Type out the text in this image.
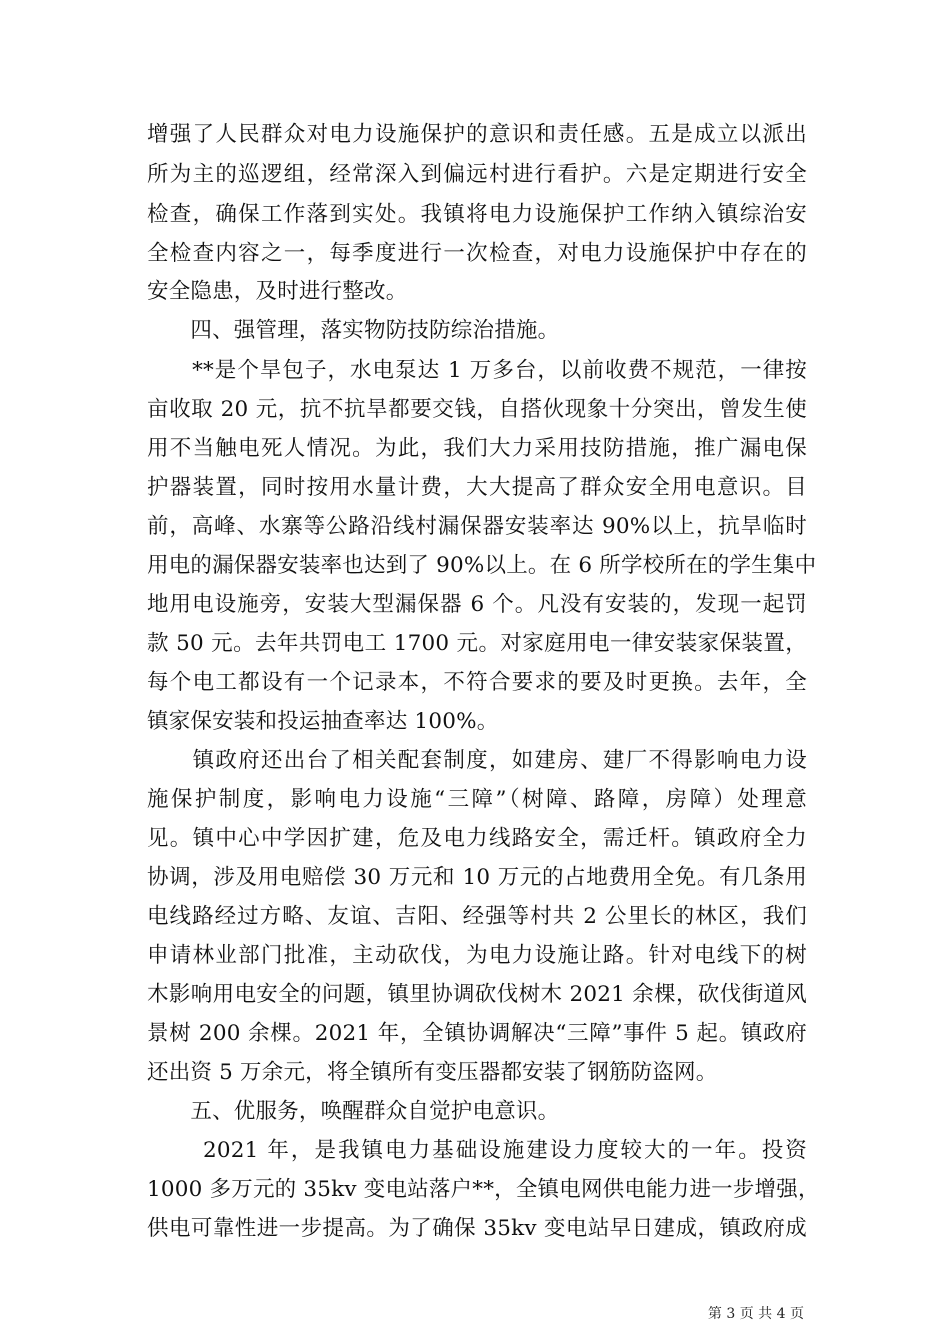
增强了人民群众对电力设施保护的意识和责任感。五是成立以派出
所为主的巡逻组，经常深入到偏远村进行看护。六是定期进行安全
检查，确保工作落到实处。我镇将电力设施保护工作纳入镇综治安
全检查内容之一，每季度进行一次检查，对电力设施保护中存在的
安全隐患，及时进行整改。
　　四、强管理，落实物防技防综治措施。
　　**是个旱包子，水电泵达 1 万多台，以前收费不规范，一律按
亩收取 20 元，抗不抗旱都要交钱，自搭伙现象十分突出，曾发生使
用不当触电死人情况。为此，我们大力采用技防措施，推广漏电保
护器装置，同时按用水量计费，大大提高了群众安全用电意识。目
前，高峰、水寨等公路沿线村漏保器安装率达 90%以上，抗旱临时
用电的漏保器安装率也达到了 90%以上。在 6 所学校所在的学生集中
地用电设施旁，安装大型漏保器 6 个。凡没有安装的，发现一起罚
款 50 元。去年共罚电工 1700 元。对家庭用电一律安装家保装置，
每个电工都设有一个记录本，不符合要求的要及时更换。去年，全
镇家保安装和投运抽查率达 100%。
　　镇政府还出台了相关配套制度，如建房、建厂不得影响电力设
施保护制度，影响电力设施“三障”（树障、路障，房障）处理意
见。镇中心中学因扩建，危及电力线路安全，需迁杆。镇政府全力
协调，涉及用电赔偿 30 万元和 10 万元的占地费用全免。有几条用
电线路经过方略、友谊、吉阳、经强等村共 2 公里长的林区，我们
申请林业部门批准，主动砍伐，为电力设施让路。针对电线下的树
木影响用电安全的问题，镇里协调砍伐树木 2021 余棵，砍伐街道风
景树 200 余棵。2021 年，全镇协调解决“三障”事件 5 起。镇政府
还出资 5 万余元，将全镇所有变压器都安装了钢筋防盗网。
　　五、优服务，唤醒群众自觉护电意识。
　　 2021 年，是我镇电力基础设施建设力度较大的一年。投资
1000 多万元的 35kv 变电站落户**，全镇电网供电能力进一步增强，
供电可靠性进一步提高。为了确保 35kv 变电站早日建成，镇政府成
第 3 页 共 4 页
